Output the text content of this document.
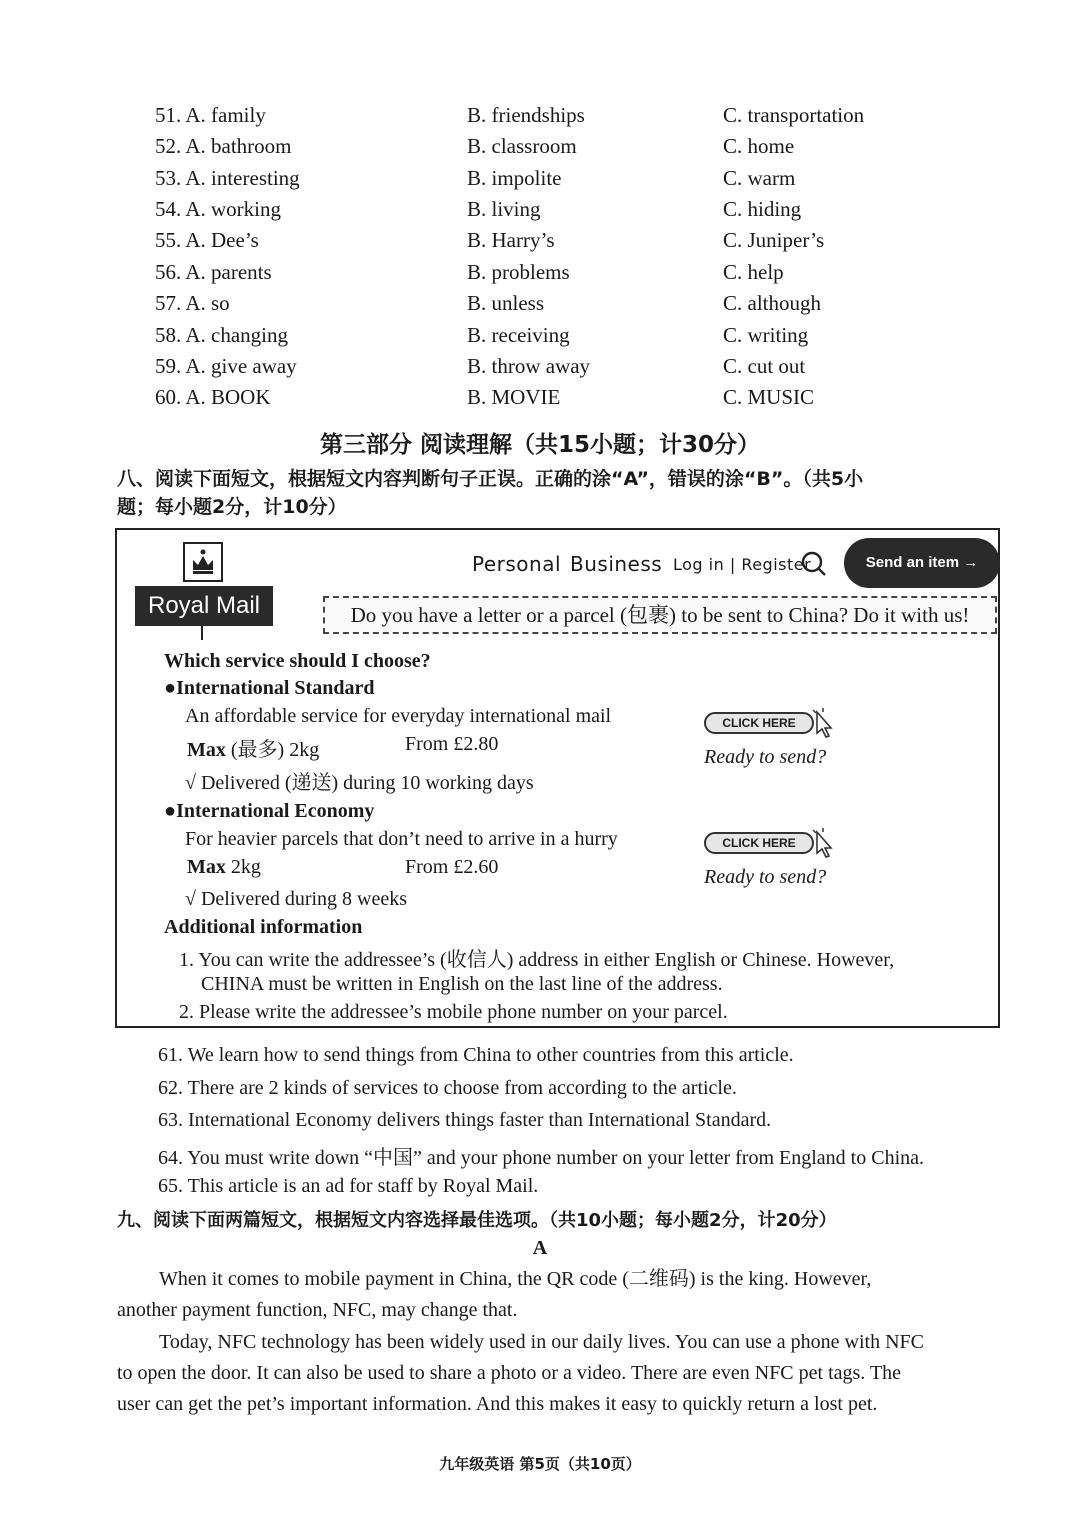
51. A. family	B. friendships	C. transportation
52. A. bathroom	B. classroom	C. home
53. A. interesting	B. impolite	C. warm
54. A. working	B. living	C. hiding
55. A. Dee’s	B. Harry’s	C. Juniper’s
56. A. parents	B. problems	C. help
57. A. so	B. unless	C. although
58. A. changing	B. receiving	C. writing
59. A. give away	B. throw away	C. cut out
60. A. BOOK	B. MOVIE	C. MUSIC
第三部分 阅读理解（共15小题；计30分）
八、阅读下面短文，根据短文内容判断句子正误。正确的涂“A”，错误的涂“B”。（共5小
题；每小题2分，计10分）
Royal Mail
Personal Business Log in | Register	Send an item →
Do you have a letter or a parcel (包裹) to be sent to China? Do it with us!
Which service should I choose?
●International Standard
An affordable service for everyday international mail
Max (最多) 2kg	From £2.80
√ Delivered (递送) during 10 working days
CLICK HERE
Ready to send?
●International Economy
For heavier parcels that don’t need to arrive in a hurry
Max 2kg	From £2.60
√ Delivered during 8 weeks
CLICK HERE
Ready to send?
Additional information
1. You can write the addressee’s (收信人) address in either English or Chinese. However,
CHINA must be written in English on the last line of the address.
2. Please write the addressee’s mobile phone number on your parcel.
61. We learn how to send things from China to other countries from this article.
62. There are 2 kinds of services to choose from according to the article.
63. International Economy delivers things faster than International Standard.
64. You must write down “中国” and your phone number on your letter from England to China.
65. This article is an ad for staff by Royal Mail.
九、阅读下面两篇短文，根据短文内容选择最佳选项。（共10小题；每小题2分，计20分）
A
When it comes to mobile payment in China, the QR code (二维码) is the king. However,
another payment function, NFC, may change that.
Today, NFC technology has been widely used in our daily lives. You can use a phone with NFC
to open the door. It can also be used to share a photo or a video. There are even NFC pet tags. The
user can get the pet’s important information. And this makes it easy to quickly return a lost pet.
九年级英语 第5页（共10页）
